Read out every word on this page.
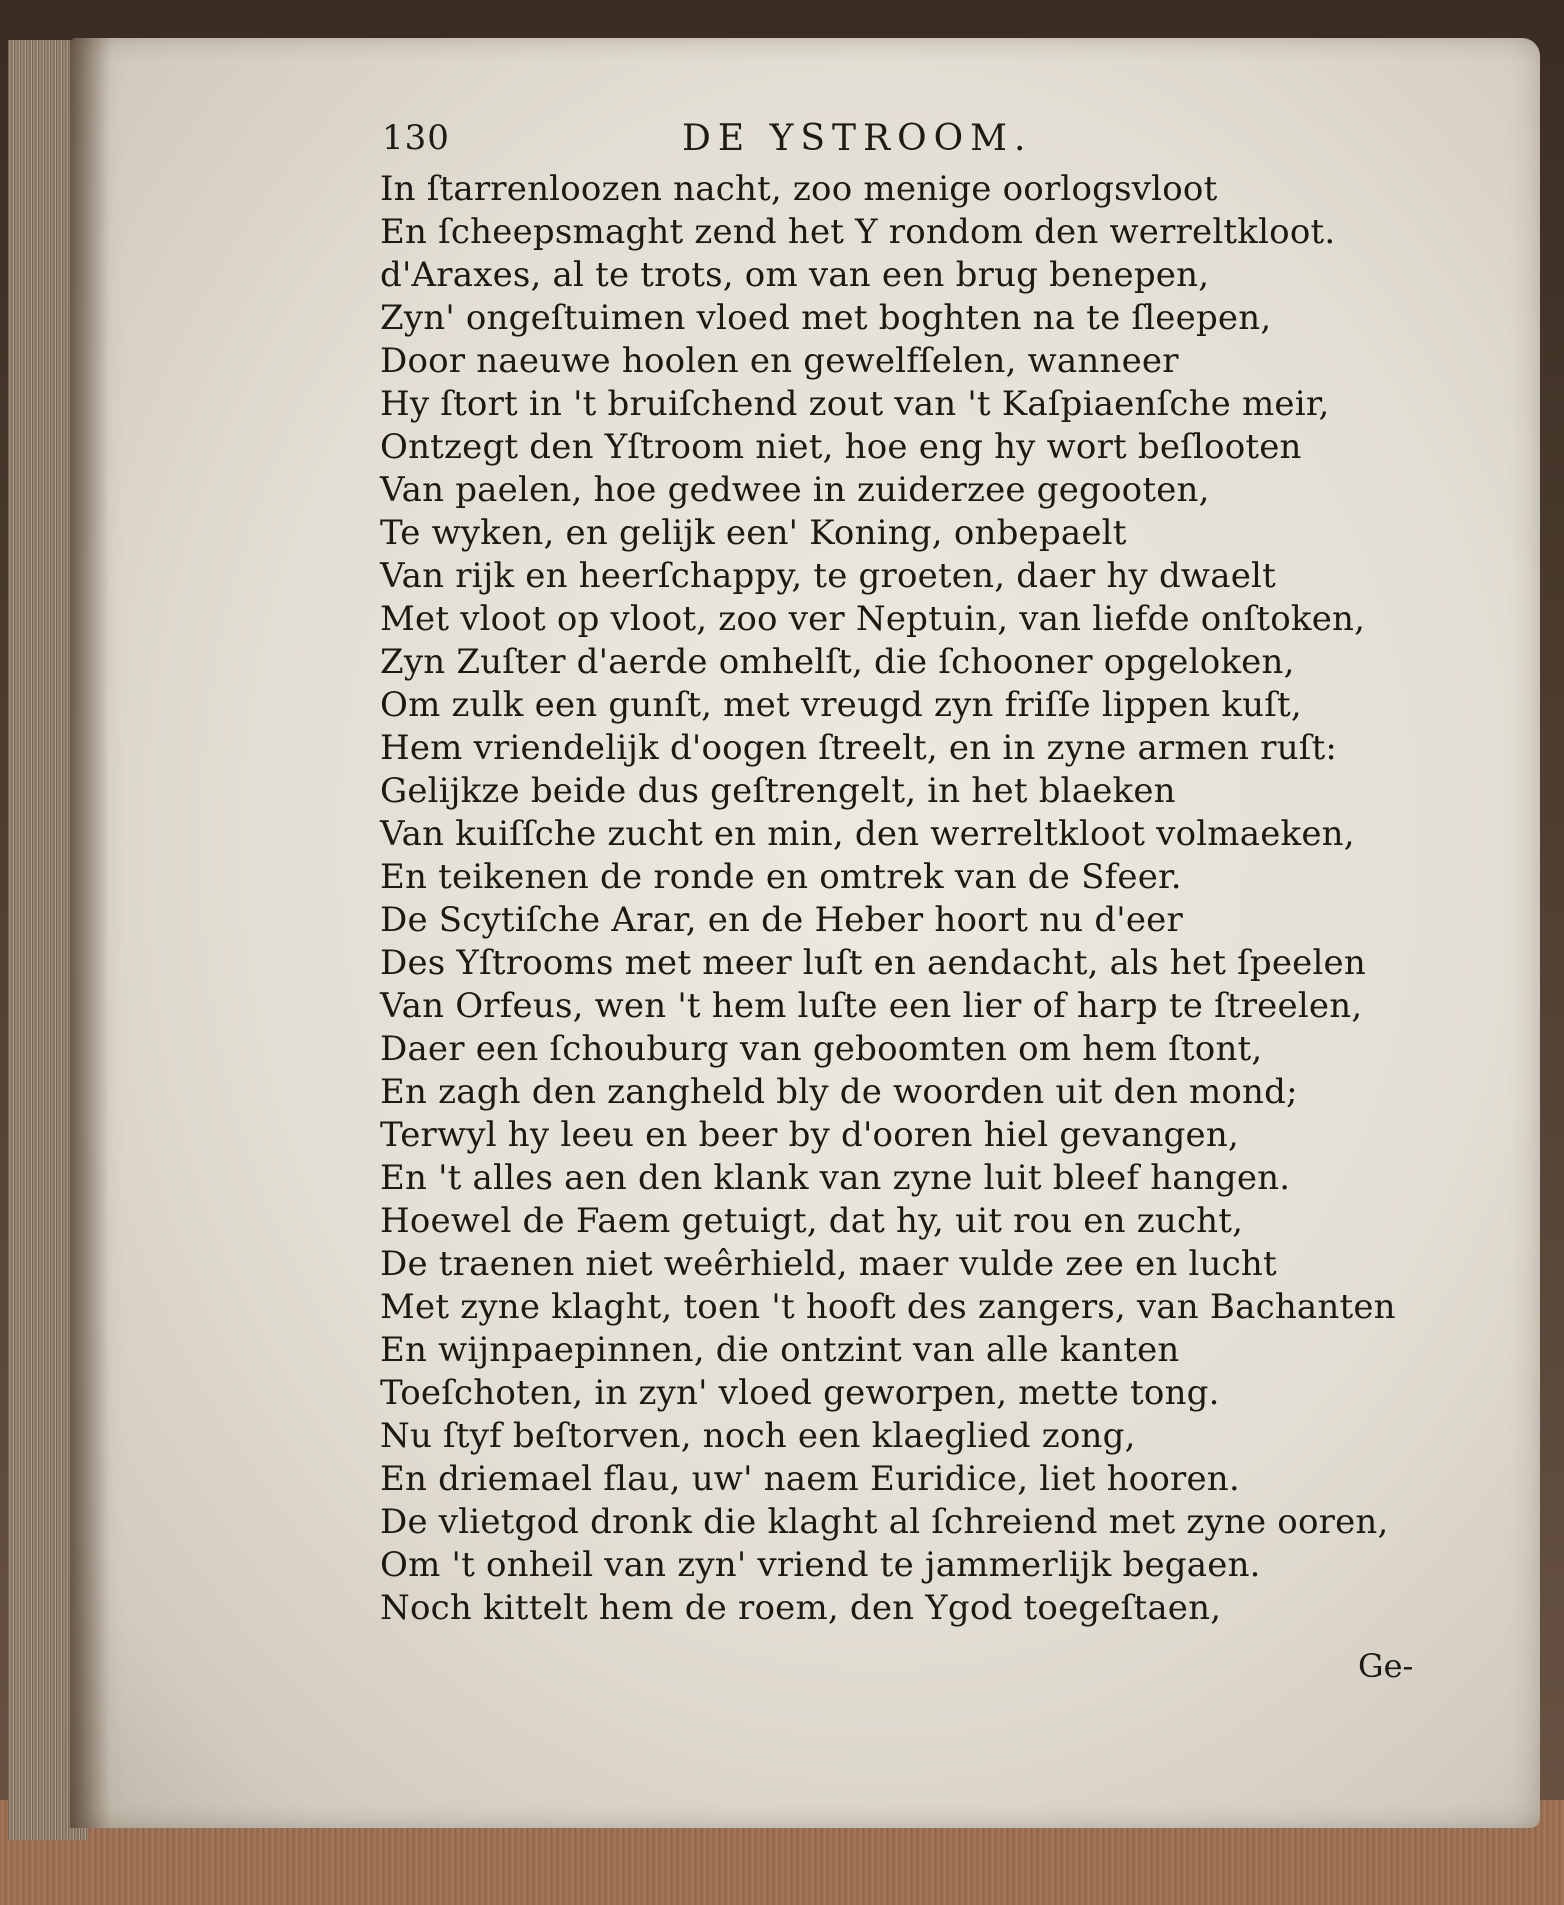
130	DE YSTROOM.
In ſtarrenloozen nacht, zoo menige oorlogsvloot
En ſcheepsmaght zend het Y rondom den werreltkloot.
d'Araxes, al te trots, om van een brug benepen,
Zyn' ongeſtuimen vloed met boghten na te ſleepen,
Door naeuwe hoolen en gewelfſelen, wanneer
Hy ſtort in 't bruiſchend zout van 't Kaſpiaenſche meir,
Ontzegt den Yſtroom niet, hoe eng hy wort beſlooten
Van paelen, hoe gedwee in zuiderzee gegooten,
Te wyken, en gelijk een' Koning, onbepaelt
Van rijk en heerſchappy, te groeten, daer hy dwaelt
Met vloot op vloot, zoo ver Neptuin, van liefde onſtoken,
Zyn Zuſter d'aerde omhelſt, die ſchooner opgeloken,
Om zulk een gunſt, met vreugd zyn friſſe lippen kuſt,
Hem vriendelijk d'oogen ſtreelt, en in zyne armen ruſt:
Gelijkze beide dus geſtrengelt, in het blaeken
Van kuiſſche zucht en min, den werreltkloot volmaeken,
En teikenen de ronde en omtrek van de Sfeer.
De Scytiſche Arar, en de Heber hoort nu d'eer
Des Yſtrooms met meer luſt en aendacht, als het ſpeelen
Van Orfeus, wen 't hem luſte een lier of harp te ſtreelen,
Daer een ſchouburg van geboomten om hem ſtont,
En zagh den zangheld bly de woorden uit den mond;
Terwyl hy leeu en beer by d'ooren hiel gevangen,
En 't alles aen den klank van zyne luit bleef hangen.
Hoewel de Faem getuigt, dat hy, uit rou en zucht,
De traenen niet weêrhield, maer vulde zee en lucht
Met zyne klaght, toen 't hooft des zangers, van Bachanten
En wijnpaepinnen, die ontzint van alle kanten
Toeſchoten, in zyn' vloed geworpen, mette tong.
Nu ſtyf beſtorven, noch een klaeglied zong,
En driemael flau, uw' naem Euridice, liet hooren.
De vlietgod dronk die klaght al ſchreiend met zyne ooren,
Om 't onheil van zyn' vriend te jammerlijk begaen.
Noch kittelt hem de roem, den Ygod toegeſtaen,
Ge-
